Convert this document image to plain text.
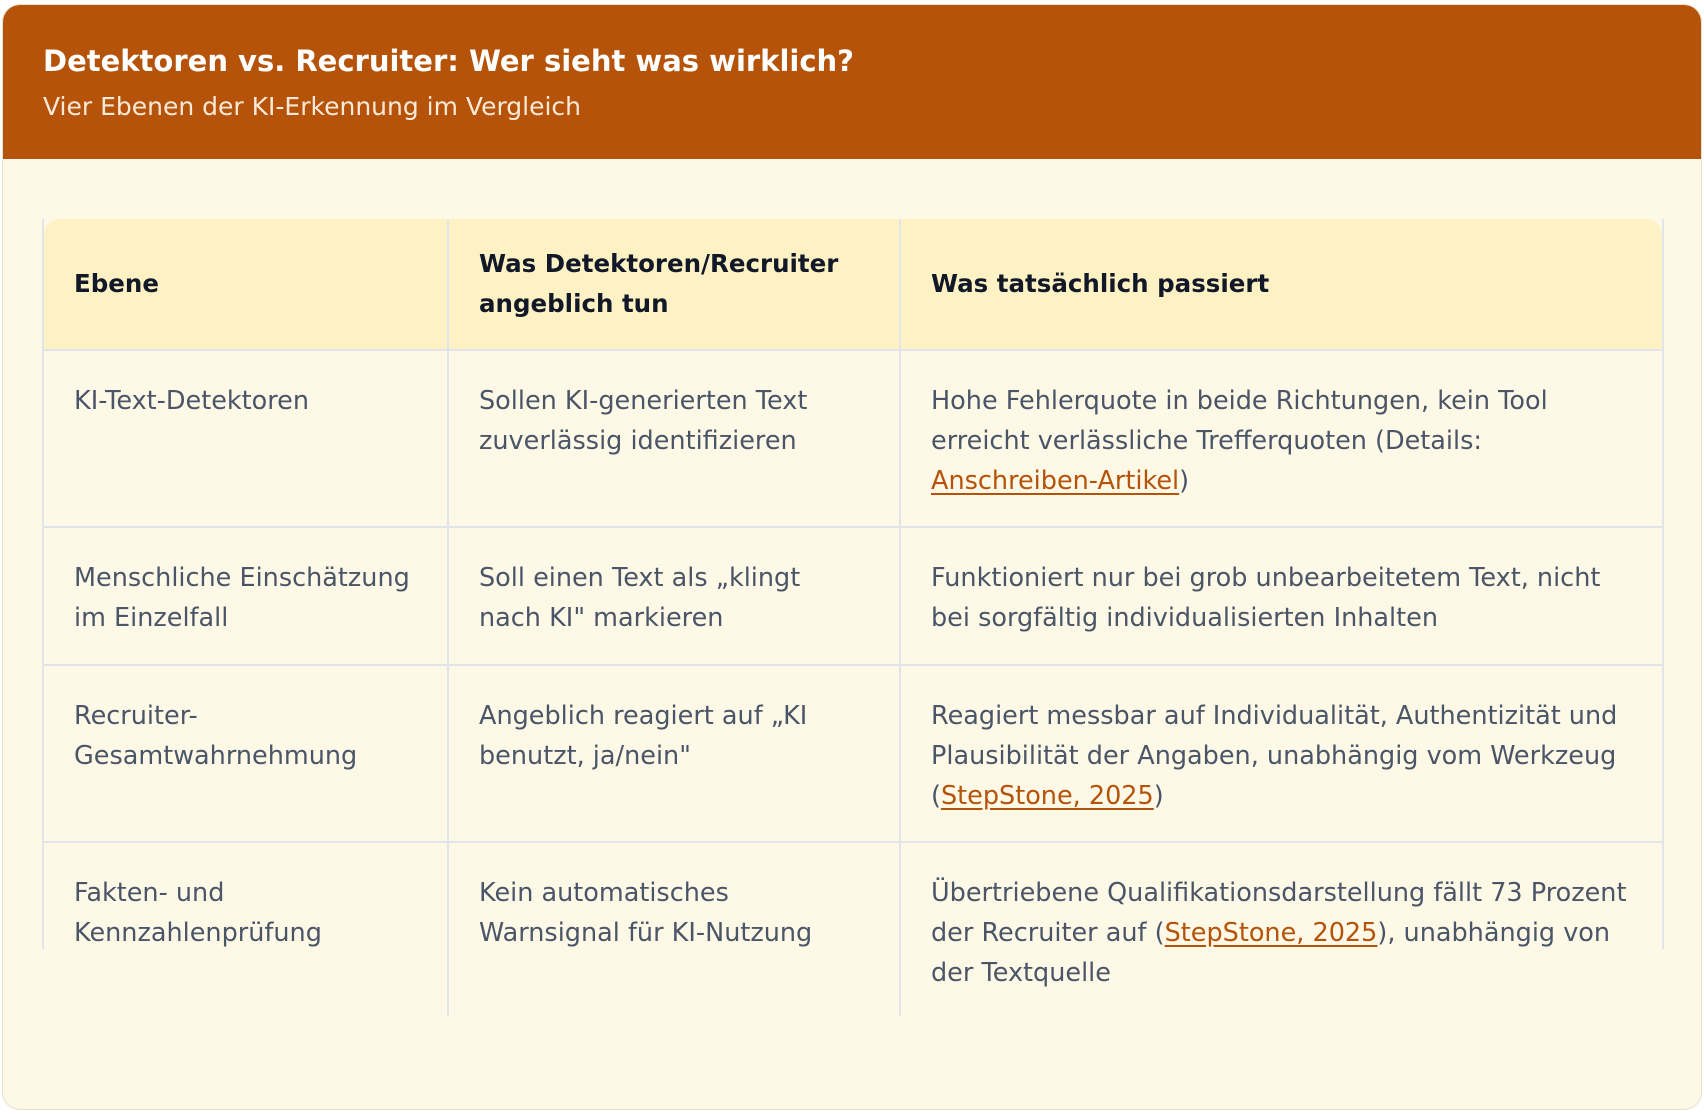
Detektoren vs. Recruiter: Wer sieht was wirklich?
Vier Ebenen der KI-Erkennung im Vergleich
Ebene
Was Detektoren/Recruiter angeblich tun
Was tatsächlich passiert
KI-Text-Detektoren	Sollen KI-generierten Text zuverlässig identifizieren
Hohe Fehlerquote in beide Richtungen, kein Tool erreicht verlässliche Trefferquoten (Details: Anschreiben-Artikel)
Menschliche Einschätzung im Einzelfall
Soll einen Text als „klingt nach KI" markieren
Funktioniert nur bei grob unbearbeitetem Text, nicht bei sorgfältig individualisierten Inhalten
Recruiter-Gesamtwahrnehmung
Angeblich reagiert auf „KI benutzt, ja/nein"
Reagiert messbar auf Individualität, Authentizität und Plausibilität der Angaben, unabhängig vom Werkzeug (StepStone, 2025)
Fakten- und Kennzahlenprüfung
Kein automatisches Warnsignal für KI-Nutzung
Übertriebene Qualifikationsdarstellung fällt 73 Prozent der Recruiter auf (StepStone, 2025), unabhängig von der Textquelle
